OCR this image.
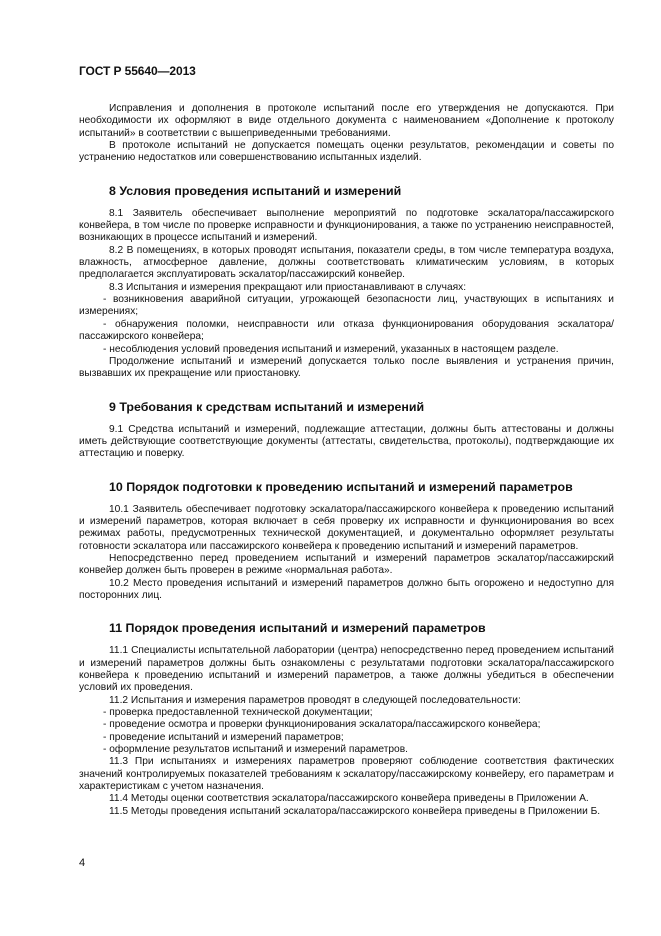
ГОСТ Р 55640—2013

Исправления и дополнения в протоколе испытаний после его утверждения не допускаются. При необходимости их оформляют в виде отдельного документа с наименованием «Дополнение к протоколу испытаний» в соответствии с вышеприведенными требованиями.

В протоколе испытаний не допускается помещать оценки результатов, рекомендации и советы по устранению недостатков или совершенствованию испытанных изделий.

8 Условия проведения испытаний и измерений

8.1 Заявитель обеспечивает выполнение мероприятий по подготовке эскалатора/пассажирского конвейера, в том числе по проверке исправности и функционирования, а также по устранению неисправностей, возникающих в процессе испытаний и измерений.

8.2 В помещениях, в которых проводят испытания, показатели среды, в том числе температура воздуха, влажность, атмосферное давление, должны соответствовать климатическим условиям, в которых предполагается эксплуатировать эскалатор/пассажирский конвейер.

8.3 Испытания и измерения прекращают или приостанавливают в случаях:

- возникновения аварийной ситуации, угрожающей безопасности лиц, участвующих в испытаниях и измерениях;

- обнаружения поломки, неисправности или отказа функционирования оборудования эскалатора/пассажирского конвейера;

- несоблюдения условий проведения испытаний и измерений, указанных в настоящем разделе.

Продолжение испытаний и измерений допускается только после выявления и устранения причин, вызвавших их прекращение или приостановку.

9 Требования к средствам испытаний и измерений

9.1 Средства испытаний и измерений, подлежащие аттестации, должны быть аттестованы и должны иметь действующие соответствующие документы (аттестаты, свидетельства, протоколы), подтверждающие их аттестацию и поверку.

10 Порядок подготовки к проведению испытаний и измерений параметров

10.1 Заявитель обеспечивает подготовку эскалатора/пассажирского конвейера к проведению испытаний и измерений параметров, которая включает в себя проверку их исправности и функционирования во всех режимах работы, предусмотренных технической документацией, и документально оформляет результаты готовности эскалатора или пассажирского конвейера к проведению испытаний и измерений параметров.

Непосредственно перед проведением испытаний и измерений параметров эскалатор/пассажирский конвейер должен быть проверен в режиме «нормальная работа».

10.2 Место проведения испытаний и измерений параметров должно быть огорожено и недоступно для посторонних лиц.

11 Порядок проведения испытаний и измерений параметров

11.1 Специалисты испытательной лаборатории (центра) непосредственно перед проведением испытаний и измерений параметров должны быть ознакомлены с результатами подготовки эскалатора/пассажирского конвейера к проведению испытаний и измерений параметров, а также должны убедиться в обеспечении условий их проведения.

11.2 Испытания и измерения параметров проводят в следующей последовательности:

- проверка предоставленной технической документации;

- проведение осмотра и проверки функционирования эскалатора/пассажирского конвейера;

- проведение испытаний и измерений параметров;

- оформление результатов испытаний и измерений параметров.

11.3 При испытаниях и измерениях параметров проверяют соблюдение соответствия фактических значений контролируемых показателей требованиям к эскалатору/пассажирскому конвейеру, его параметрам и характеристикам с учетом назначения.

11.4 Методы оценки соответствия эскалатора/пассажирского конвейера приведены в Приложении А.

11.5 Методы проведения испытаний эскалатора/пассажирского конвейера приведены в Приложении Б.

4
